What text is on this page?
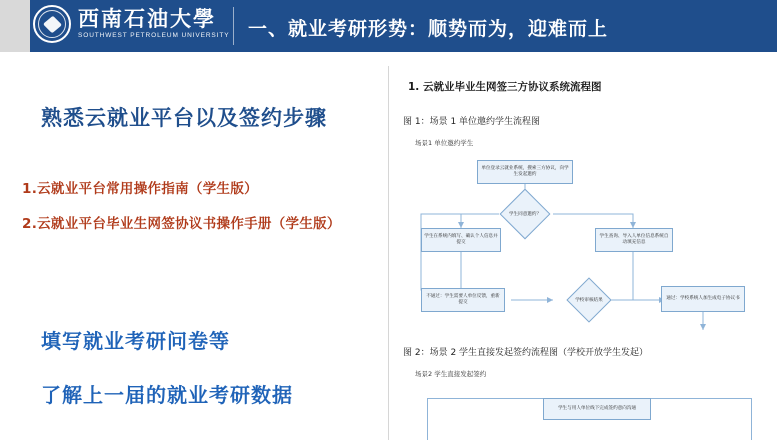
西南石油大學
SOUTHWEST PETROLEUM UNIVERSITY 一、就业考研形势：顺势而为，迎难而上
熟悉云就业平台以及签约步骤
1.云就业平台常用操作指南（学生版）
2.云就业平台毕业生网签协议书操作手册（学生版）
填写就业考研问卷等
了解上一届的就业考研数据
1. 云就业毕业生网签三方协议系统流程图
图 1：场景 1 单位邀约学生流程图
场景1 单位邀约学生
单位登录云就业系统，搜索三方协议，向学生发起邀约
学生同意邀约？
学生在系统内填写、确认个人信息并提交
学生查询、导入人单位信息系统自动填充信息
不通过：学生需要人单位反馈，重新提交	学校审核结果	通过：学校系统人加生成电子协议书
图 2：场景 2 学生直接发起签约流程图（学校开放学生发起）
场景2 学生直接发起签约
学生与用人单位线下完成签约意向沟通
